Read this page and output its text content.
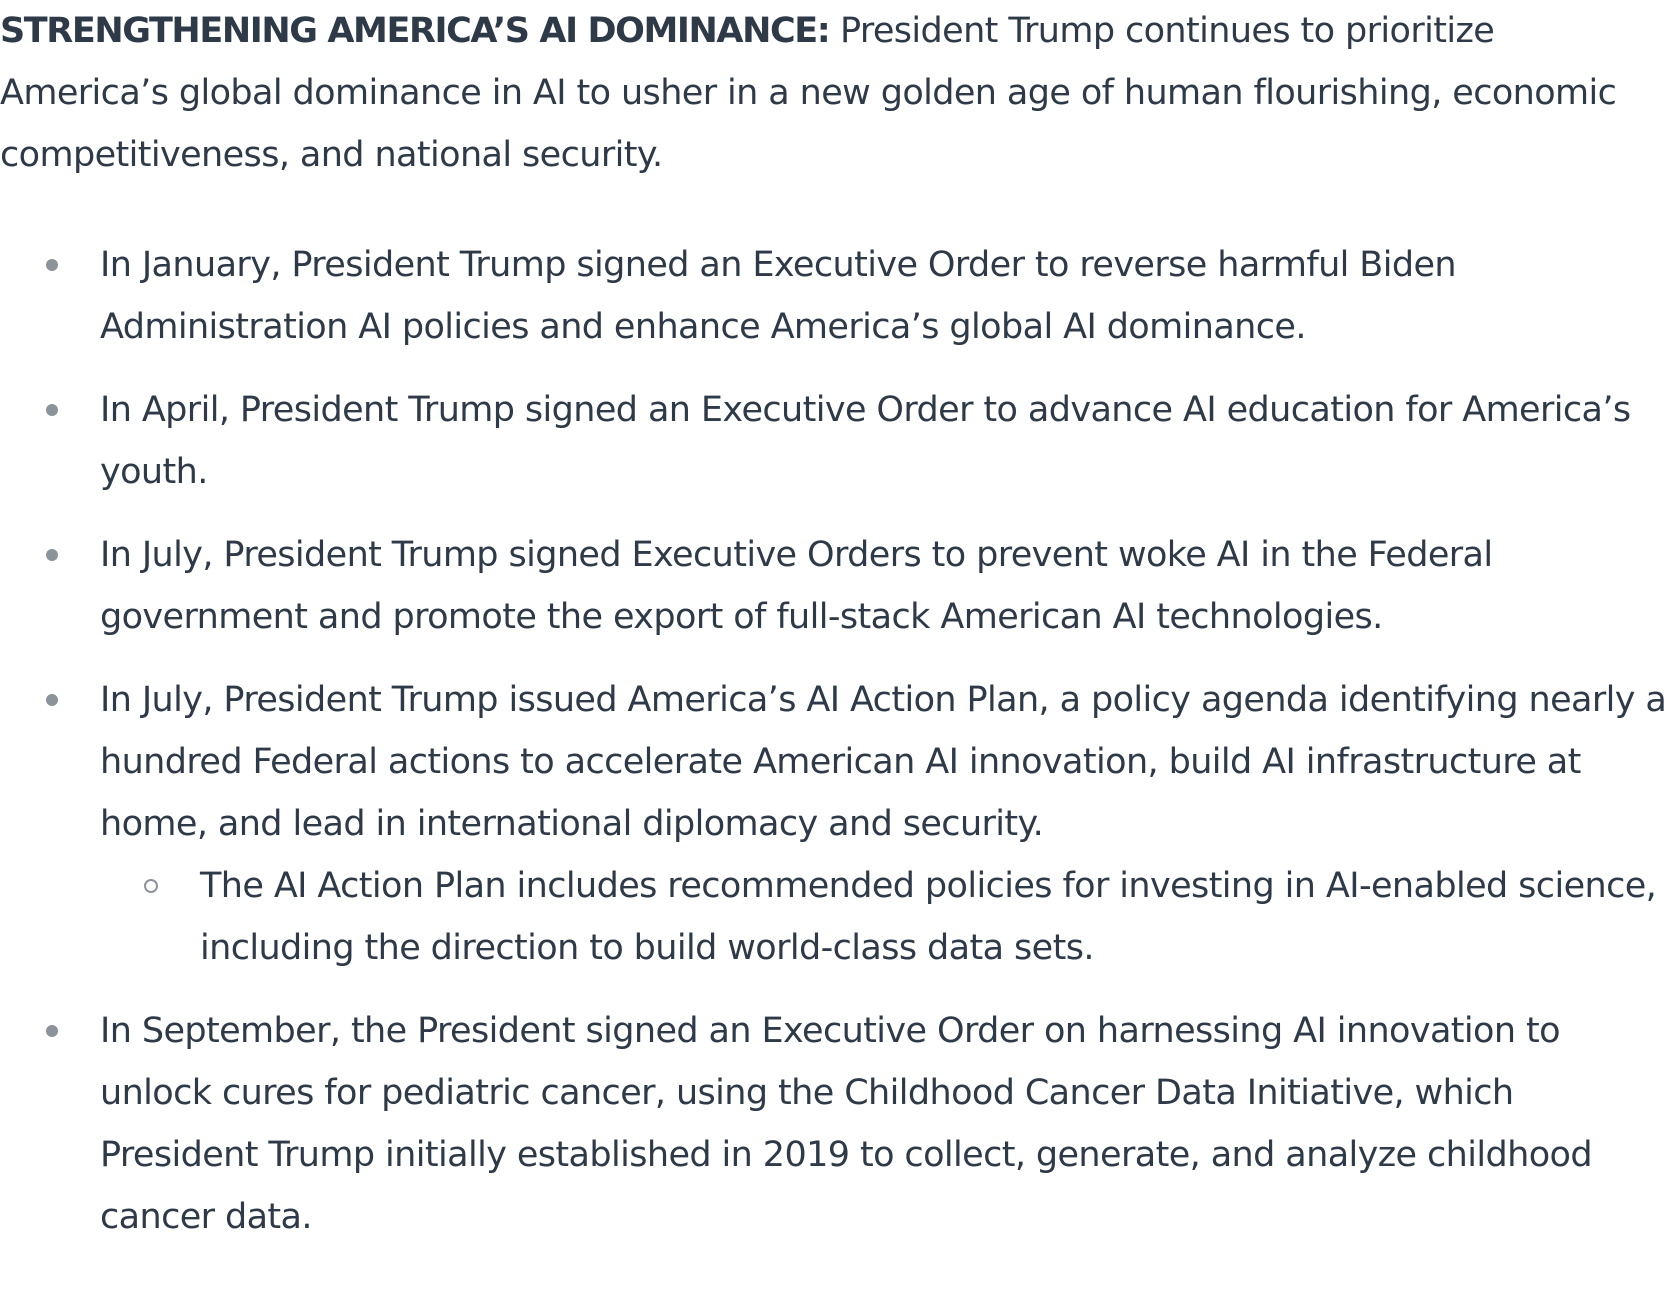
STRENGTHENING AMERICA’S AI DOMINANCE: President Trump continues to prioritize America’s global dominance in AI to usher in a new golden age of human flourishing, economic competitiveness, and national security.

In January, President Trump signed an Executive Order to reverse harmful Biden Administration AI policies and enhance America’s global AI dominance.
In April, President Trump signed an Executive Order to advance AI education for America’s youth.
In July, President Trump signed Executive Orders to prevent woke AI in the Federal government and promote the export of full-stack American AI technologies.
In July, President Trump issued America’s AI Action Plan, a policy agenda identifying nearly a hundred Federal actions to accelerate American AI innovation, build AI infrastructure at home, and lead in international diplomacy and security.
The AI Action Plan includes recommended policies for investing in AI-enabled science, including the direction to build world-class data sets.
In September, the President signed an Executive Order on harnessing AI innovation to unlock cures for pediatric cancer, using the Childhood Cancer Data Initiative, which President Trump initially established in 2019 to collect, generate, and analyze childhood cancer data.
